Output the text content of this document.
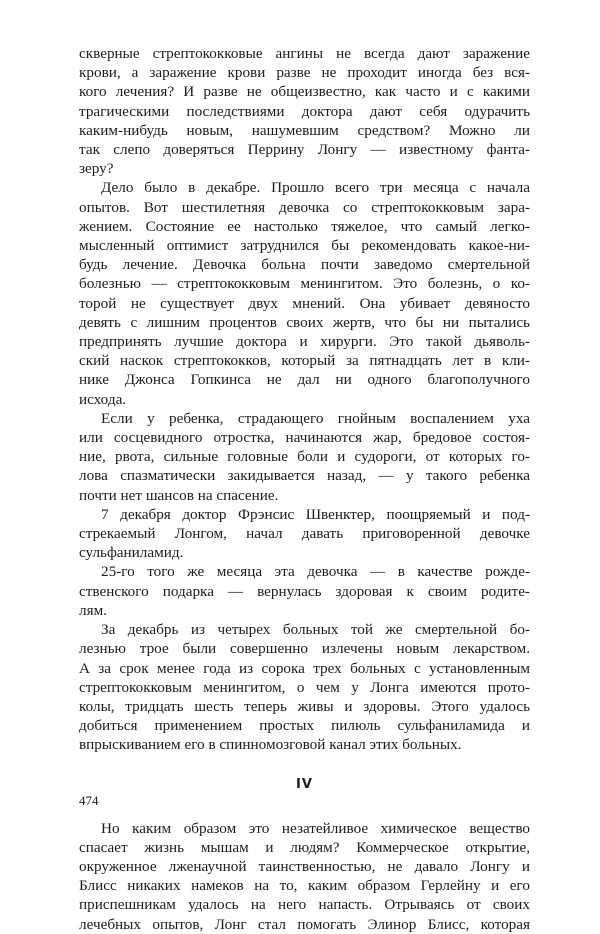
скверные стрептококковые ангины не всегда дают заражение
крови, а заражение крови разве не проходит иногда без вся-
кого лечения? И разве не общеизвестно, как часто и с какими
трагическими последствиями доктора дают себя одурачить
каким-нибудь новым, нашумевшим средством? Можно ли
так слепо доверяться Перрину Лонгу — известному фанта-
зеру?

Дело было в декабре. Прошло всего три месяца с начала
опытов. Вот шестилетняя девочка со стрептококковым зара-
жением. Состояние ее настолько тяжелое, что самый легко-
мысленный оптимист затруднился бы рекомендовать какое-ни-
будь лечение. Девочка больна почти заведомо смертельной
болезнью — стрептококковым менингитом. Это болезнь, о ко-
торой не существует двух мнений. Она убивает девяносто
девять с лишним процентов своих жертв, что бы ни пытались
предпринять лучшие доктора и хирурги. Это такой дьяволь-
ский наскок стрептококков, который за пятнадцать лет в кли-
нике Джонса Гопкинса не дал ни одного благополучного
исхода.

Если у ребенка, страдающего гнойным воспалением уха
или сосцевидного отростка, начинаются жар, бредовое состоя-
ние, рвота, сильные головные боли и судороги, от которых го-
лова спазматически закидывается назад, — у такого ребенка
почти нет шансов на спасение.

7 декабря доктор Фрэнсис Швенктер, поощряемый и под-
стрекаемый Лонгом, начал давать приговоренной девочке
сульфаниламид.

25-го того же месяца эта девочка — в качестве рожде-
ственского подарка — вернулась здоровая к своим родите-
лям.

За декабрь из четырех больных той же смертельной бо-
лезнью трое были совершенно излечены новым лекарством.
А за срок менее года из сорока трех больных с установленным
стрептококковым менингитом, о чем у Лонга имеются прото-
колы, тридцать шесть теперь живы и здоровы. Этого удалось
добиться применением простых пилюль сульфаниламида и
впрыскиванием его в спинномозговой канал этих больных.

IV

Но каким образом это незатейливое химическое вещество
спасает жизнь мышам и людям? Коммерческое открытие,
окруженное лженаучной таинственностью, не давало Лонгу и
Блисс никаких намеков на то, каким образом Герлейну и его
приспешникам удалось на него напасть. Отрываясь от своих
лечебных опытов, Лонг стал помогать Элинор Блисс, которая

474
